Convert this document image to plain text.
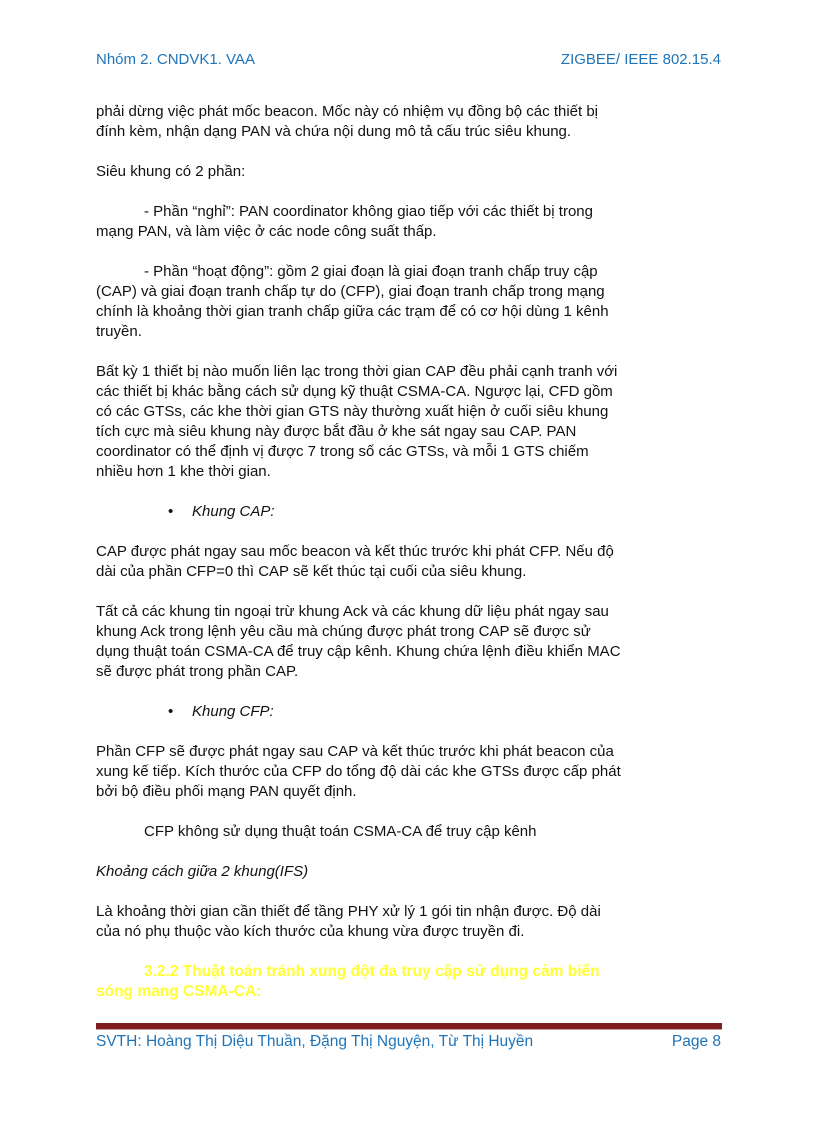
Nhóm 2. CNDVK1. VAA	ZIGBEE/ IEEE 802.15.4

phải dừng việc phát mốc beacon. Mốc này có nhiệm vụ đồng bộ các thiết bị đính kèm, nhận dạng PAN và chứa nội dung mô tả cấu trúc siêu khung.

Siêu khung có 2 phần:

- Phần “nghỉ”: PAN coordinator không giao tiếp với các thiết bị trong mạng PAN, và làm việc ở các node công suất thấp.

- Phần “hoạt động”: gồm 2 giai đoạn là giai đoạn tranh chấp truy cập (CAP) và giai đoạn tranh chấp tự do (CFP), giai đoạn tranh chấp trong mạng chính là khoảng thời gian tranh chấp giữa các trạm để có cơ hội dùng 1 kênh truyền.

Bất kỳ 1 thiết bị nào muốn liên lạc trong thời gian CAP đều phải cạnh tranh với các thiết bị khác bằng cách sử dụng kỹ thuật CSMA-CA. Ngược lại, CFD gồm có các GTSs, các khe thời gian GTS này thường xuất hiện ở cuối siêu khung tích cực mà siêu khung này được bắt đầu ở khe sát ngay sau CAP. PAN coordinator có thể định vị được 7 trong số các GTSs, và mỗi 1 GTS chiếm nhiều hơn 1 khe thời gian.

• Khung CAP:

CAP được phát ngay sau mốc beacon và kết thúc trước khi phát CFP. Nếu độ dài của phần CFP=0 thì CAP sẽ kết thúc tại cuối của siêu khung.

Tất cả các khung tin ngoại trừ khung Ack và các khung dữ liệu phát ngay sau khung Ack trong lệnh yêu cầu mà chúng được phát trong CAP sẽ được sử dụng thuật toán CSMA-CA để truy cập kênh. Khung chứa lệnh điều khiển MAC sẽ được phát trong phần CAP.

• Khung CFP:

Phần CFP sẽ được phát ngay sau CAP và kết thúc trước khi phát beacon của xung kế tiếp. Kích thước của CFP do tổng độ dài các khe GTSs được cấp phát bởi bộ điều phối mạng PAN quyết định.

CFP không sử dụng thuật toán CSMA-CA để truy cập kênh

Khoảng cách giữa 2 khung(IFS)

Là khoảng thời gian cần thiết để tầng PHY xử lý 1 gói tin nhận được. Độ dài của nó phụ thuộc vào kích thước của khung vừa được truyền đi.

3.2.2 Thuật toán tránh xung đột đa truy cập sử dụng cảm biến sóng mang CSMA-CA:

SVTH: Hoàng Thị Diệu Thuần, Đặng Thị Nguyện, Từ Thị Huyền	Page 8
